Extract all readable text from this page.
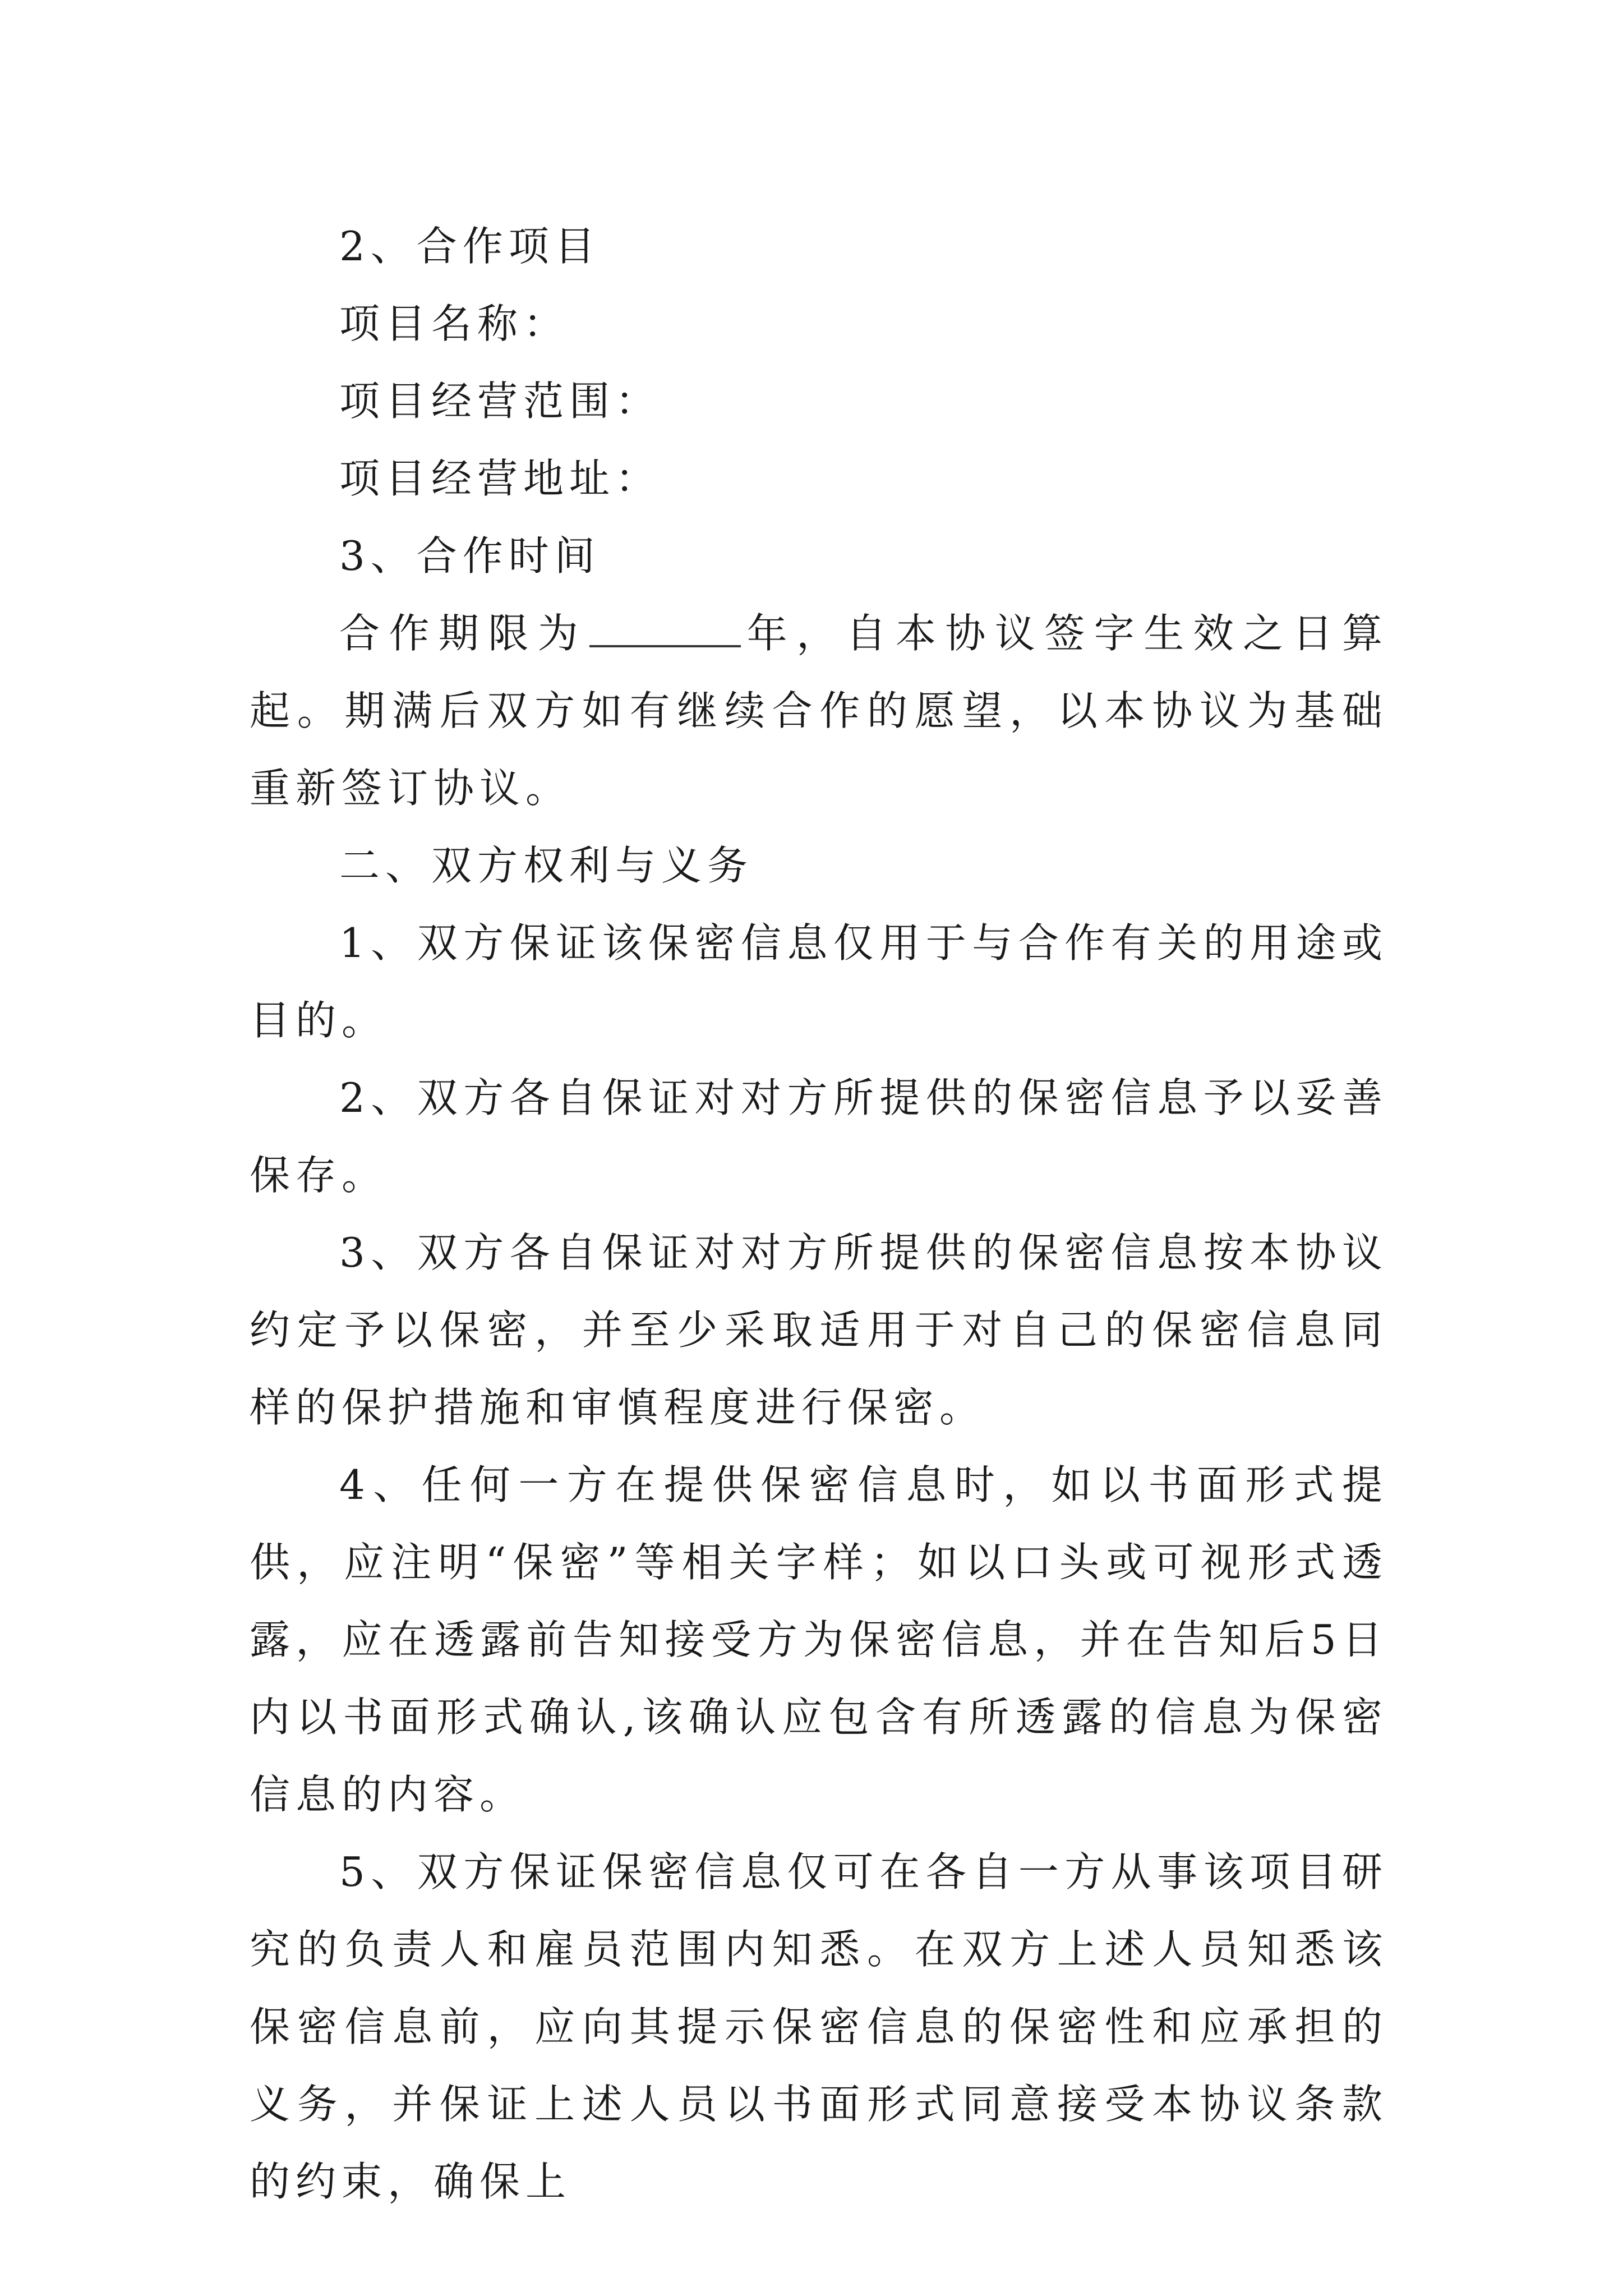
2、合作项目

项目名称：

项目经营范围：

项目经营地址：

3、合作时间

合作期限为	年，自本协议签字生效之日算起。期满后双方如有继续合作的愿望，以本协议为基础重新签订协议。

二、双方权利与义务

1、双方保证该保密信息仅用于与合作有关的用途或目的。

2、双方各自保证对对方所提供的保密信息予以妥善保存。

3、双方各自保证对对方所提供的保密信息按本协议约定予以保密，并至少采取适用于对自己的保密信息同样的保护措施和审慎程度进行保密。

4、任何一方在提供保密信息时，如以书面形式提供，应注明“保密”等相关字样；如以口头或可视形式透露，应在透露前告知接受方为保密信息，并在告知后5日内以书面形式确认,该确认应包含有所透露的信息为保密信息的内容。

5、双方保证保密信息仅可在各自一方从事该项目研究的负责人和雇员范围内知悉。在双方上述人员知悉该保密信息前，应向其提示保密信息的保密性和应承担的义务，并保证上述人员以书面形式同意接受本协议条款的约束，确保上
